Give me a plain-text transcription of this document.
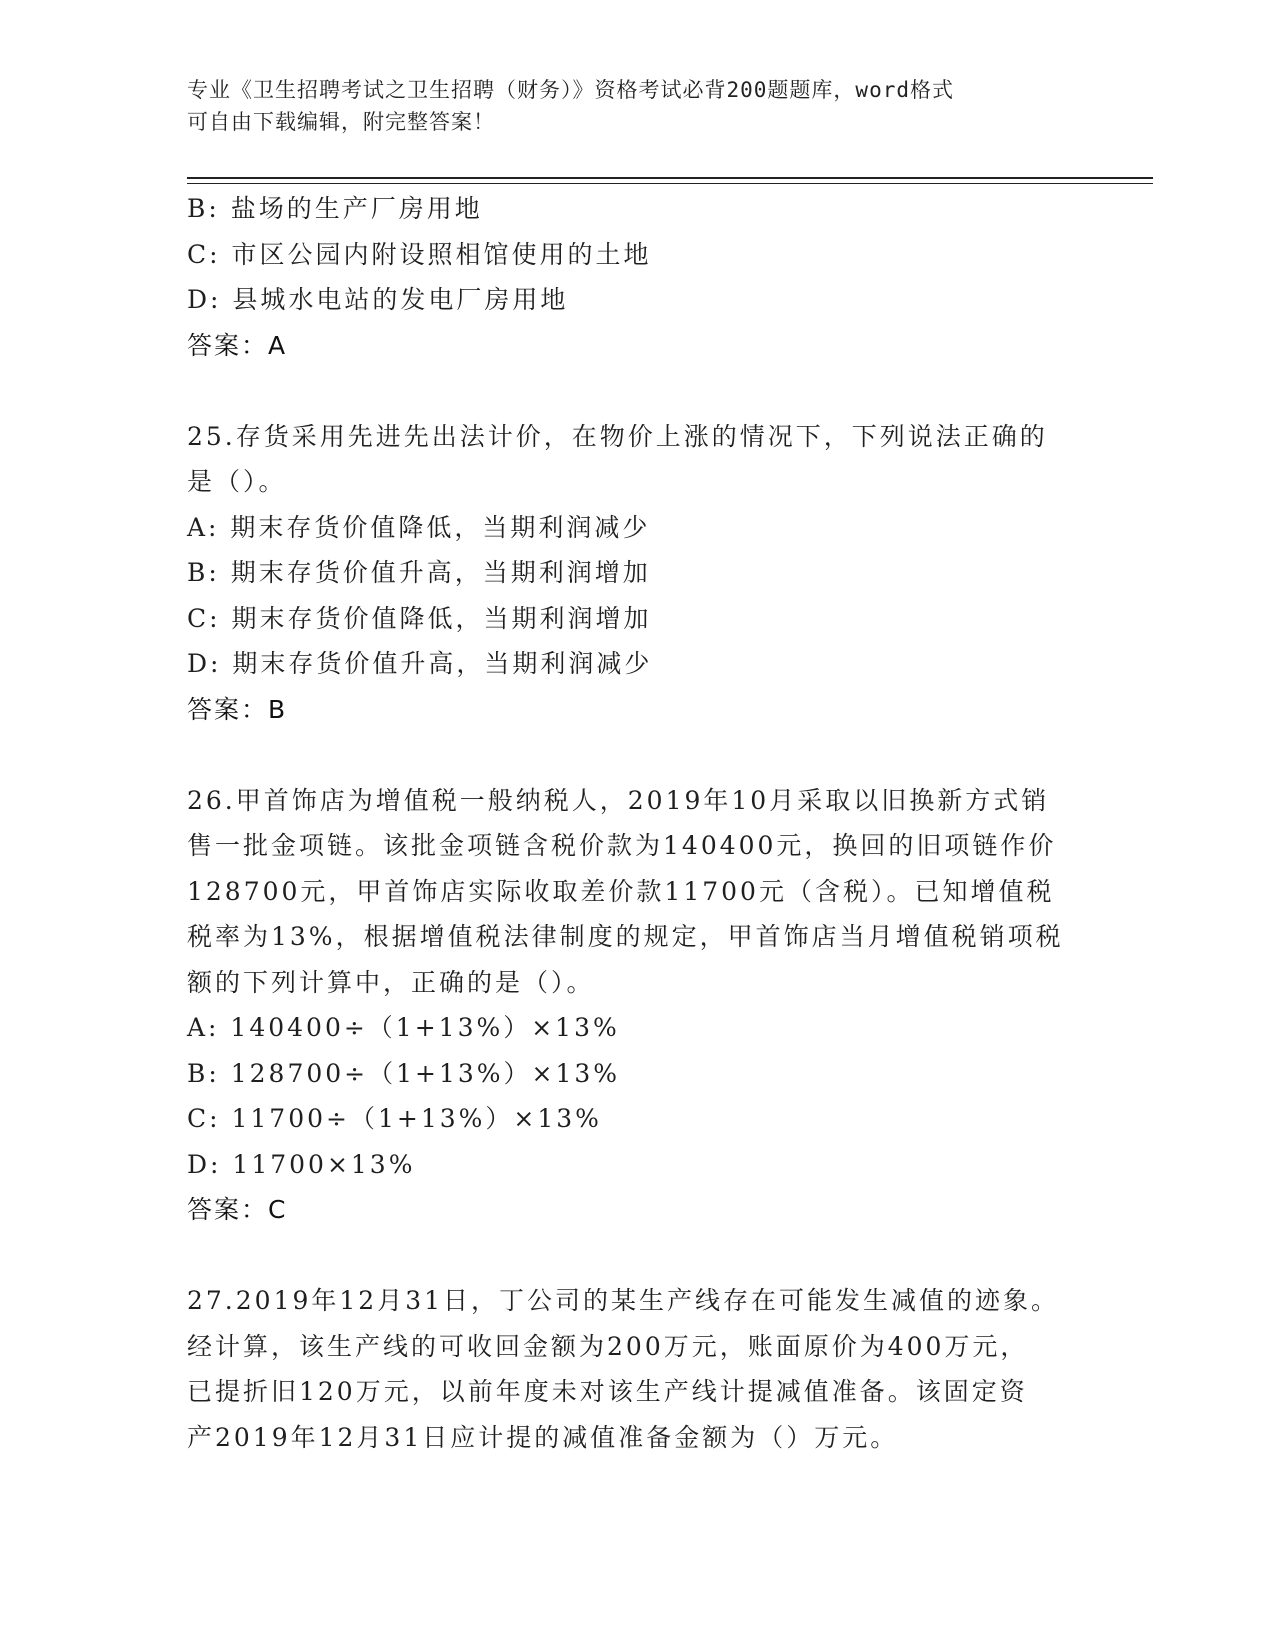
专业《卫生招聘考试之卫生招聘（财务）》资格考试必背200题题库，word格式
可自由下载编辑，附完整答案！
B: 盐场的生产厂房用地
C: 市区公园内附设照相馆使用的土地
D: 县城水电站的发电厂房用地
答案：A
25.存货采用先进先出法计价，在物价上涨的情况下，下列说法正确的
是（）。
A: 期末存货价值降低，当期利润减少
B: 期末存货价值升高，当期利润增加
C: 期末存货价值降低，当期利润增加
D: 期末存货价值升高，当期利润减少
答案：B
26.甲首饰店为增值税一般纳税人，2019年10月采取以旧换新方式销
售一批金项链。该批金项链含税价款为140400元，换回的旧项链作价
128700元，甲首饰店实际收取差价款11700元（含税）。已知增值税
税率为13%，根据增值税法律制度的规定，甲首饰店当月增值税销项税
额的下列计算中，正确的是（）。
A: 140400÷（1+13%）×13%
B: 128700÷（1+13%）×13%
C: 11700÷（1+13%）×13%
D: 11700×13%
答案：C
27.2019年12月31日，丁公司的某生产线存在可能发生减值的迹象。
经计算，该生产线的可收回金额为200万元，账面原价为400万元，
已提折旧120万元，以前年度未对该生产线计提减值准备。该固定资
产2019年12月31日应计提的减值准备金额为（）万元。
